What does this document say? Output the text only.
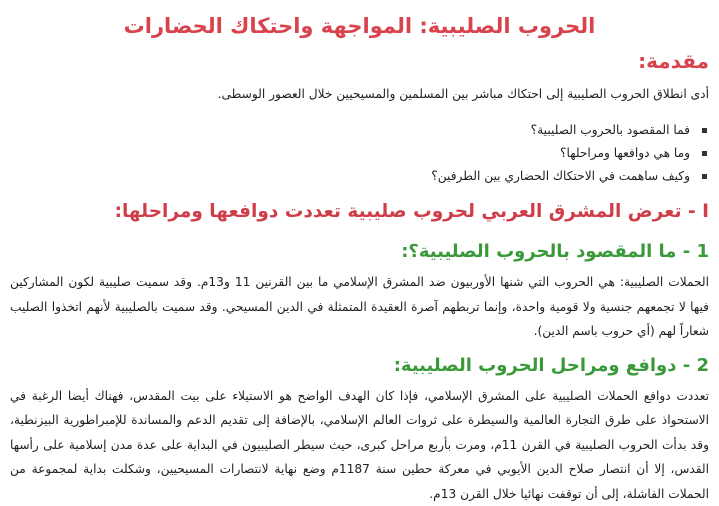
الحروب الصليبية: المواجهة واحتكاك الحضارات
مقدمة:

أدى انطلاق الحروب الصليبية إلى احتكاك مباشر بين المسلمين والمسيحيين خلال العصور الوسطى.

فما المقصود بالحروب الصليبية؟
وما هي دوافعها ومراحلها؟
وكيف ساهمت في الاحتكاك الحضاري بين الطرفين؟
I - تعرض المشرق العربي لحروب صليبية تعددت دوافعها ومراحلها:
1 - ما المقصود بالحروب الصليبية؟:

الحملات الصليبية: هي الحروب التي شنها الأوربيون ضد المشرق الإسلامي ما بين القرنين 11 و13م. وقد سميت صليبية لكون المشاركين فيها لا تجمعهم جنسية ولا قومية واحدة، وإنما تربطهم آصرة العقيدة المتمثلة في الدين المسيحي. وقد سميت بالصليبية لأنهم اتخذوا الصليب شعاراً لهم (أي حروب باسم الدين).

2 - دوافع ومراحل الحروب الصليبية:

تعددت دوافع الحملات الصليبية على المشرق الإسلامي، فإذا كان الهدف الواضح هو الاستيلاء على بيت المقدس، فهناك أيضا الرغبة في الاستحواذ على طرق التجارة العالمية والسيطرة على ثروات العالم الإسلامي، بالإضافة إلى تقديم الدعم والمساندة للإمبراطورية البيزنطية، وقد بدأت الحروب الصليبية في القرن 11م، ومرت بأربع مراحل كبرى، حيث سيطر الصليبيون في البداية على عدة مدن إسلامية على رأسها القدس، إلا أن انتصار صلاح الدين الأيوبي في معركة حطين سنة 1187م وضع نهاية لانتصارات المسيحيين، وشكلت بداية لمجموعة من الحملات الفاشلة، إلى أن توقفت نهائيا خلال القرن 13م.
